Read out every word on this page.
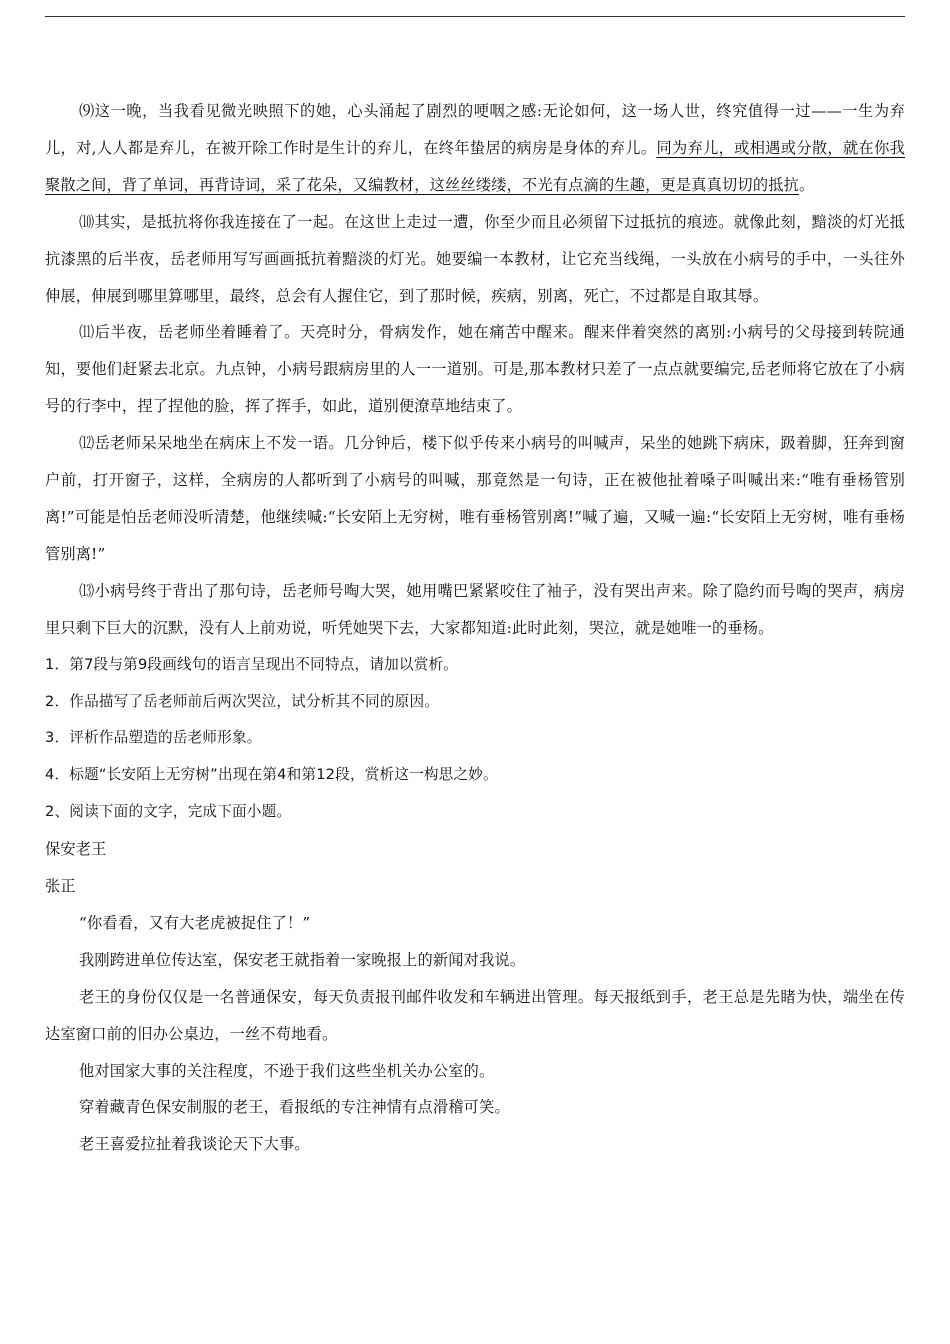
⑼这一晚，当我看见微光映照下的她，心头涌起了剧烈的哽咽之感:无论如何，这一场人世，终究值得一过——一生为弃儿，对,人人都是弃儿，在被开除工作时是生计的弃儿，在终年蛰居的病房是身体的弃儿。同为弃儿，或相遇或分散，就在你我聚散之间，背了单词，再背诗词，采了花朵，又编教材，这丝丝缕缕，不光有点滴的生趣，更是真真切切的抵抗。

⑽其实，是抵抗将你我连接在了一起。在这世上走过一遭，你至少而且必须留下过抵抗的痕迹。就像此刻，黯淡的灯光抵抗漆黑的后半夜，岳老师用写写画画抵抗着黯淡的灯光。她要编一本教材，让它充当线绳，一头放在小病号的手中，一头往外伸展，伸展到哪里算哪里，最终，总会有人握住它，到了那时候，疾病，别离，死亡，不过都是自取其辱。

⑾后半夜，岳老师坐着睡着了。天亮时分，骨病发作，她在痛苦中醒来。醒来伴着突然的离别:小病号的父母接到转院通知，要他们赶紧去北京。九点钟，小病号跟病房里的人一一道别。可是,那本教材只差了一点点就要编完,岳老师将它放在了小病号的行李中，捏了捏他的脸，挥了挥手，如此，道别便潦草地结束了。

⑿岳老师呆呆地坐在病床上不发一语。几分钟后，楼下似乎传来小病号的叫喊声，呆坐的她跳下病床，趿着脚，狂奔到窗户前，打开窗子，这样，全病房的人都听到了小病号的叫喊，那竟然是一句诗，正在被他扯着嗓子叫喊出来:“唯有垂杨管别离!”可能是怕岳老师没听清楚，他继续喊:“长安陌上无穷树，唯有垂杨管别离!”喊了遍，又喊一遍:“长安陌上无穷树，唯有垂杨管别离!”

⒀小病号终于背出了那句诗，岳老师号啕大哭，她用嘴巴紧紧咬住了袖子，没有哭出声来。除了隐约而号啕的哭声，病房里只剩下巨大的沉默，没有人上前劝说，听凭她哭下去，大家都知道:此时此刻，哭泣，就是她唯一的垂杨。

1．第7段与第9段画线句的语言呈现出不同特点，请加以赏析。

2．作品描写了岳老师前后两次哭泣，试分析其不同的原因。

3．评析作品塑造的岳老师形象。

4．标题“长安陌上无穷树”出现在第4和第12段，赏析这一构思之妙。

2、阅读下面的文字，完成下面小题。

保安老王

张正

“你看看，又有大老虎被捉住了！”

我刚跨进单位传达室，保安老王就指着一家晚报上的新闻对我说。

老王的身份仅仅是一名普通保安，每天负责报刊邮件收发和车辆进出管理。每天报纸到手，老王总是先睹为快，端坐在传达室窗口前的旧办公桌边，一丝不苟地看。

他对国家大事的关注程度，不逊于我们这些坐机关办公室的。

穿着藏青色保安制服的老王，看报纸的专注神情有点滑稽可笑。

老王喜爱拉扯着我谈论天下大事。
